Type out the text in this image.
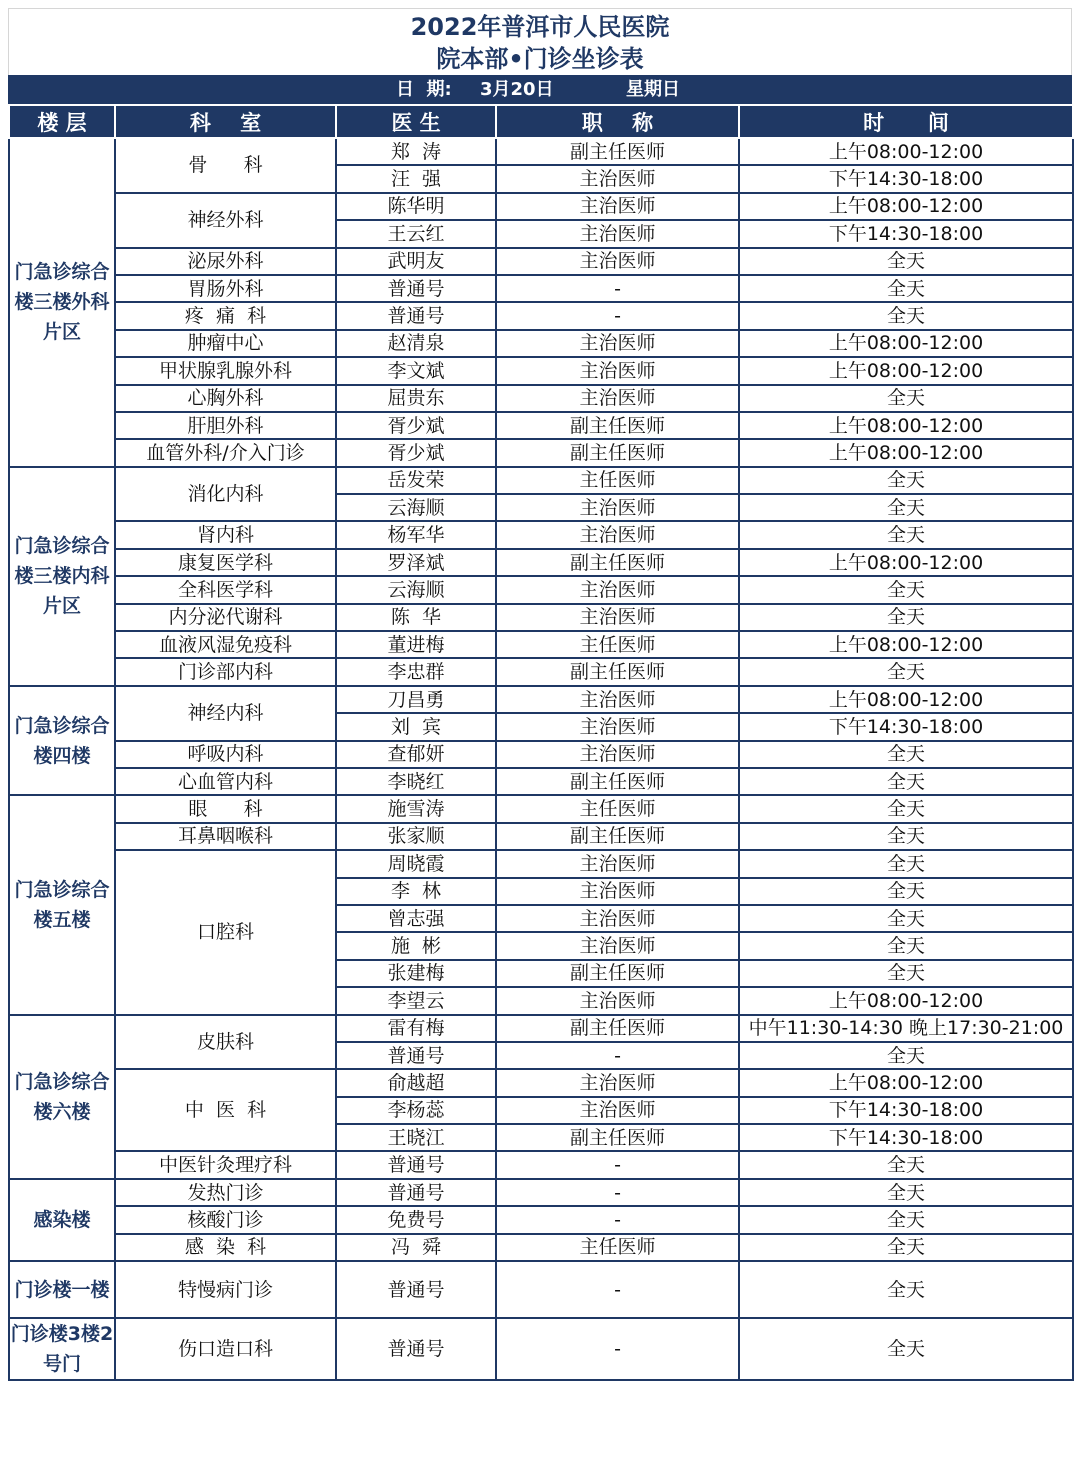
2022年普洱市人民医院
院本部•门诊坐诊表
日  期: 3月20日	星期日
楼 层	科    室	医 生	职    称	时      间
门急诊综合楼三楼外科片区	骨      科	郑  涛	副主任医师	上午08:00-12:00
		汪  强	主治医师	下午14:30-18:00
	神经外科	陈华明	主治医师	上午08:00-12:00
		王云红	主治医师	下午14:30-18:00
	泌尿外科	武明友	主治医师	全天
	胃肠外科	普通号	-	全天
	疼  痛  科	普通号	-	全天
	肿瘤中心	赵清泉	主治医师	上午08:00-12:00
	甲状腺乳腺外科	李文斌	主治医师	上午08:00-12:00
	心胸外科	屈贵东	主治医师	全天
	肝胆外科	胥少斌	副主任医师	上午08:00-12:00
	血管外科/介入门诊	胥少斌	副主任医师	上午08:00-12:00
门急诊综合楼三楼内科片区	消化内科	岳发荣	主任医师	全天
		云海顺	主治医师	全天
	肾内科	杨军华	主治医师	全天
	康复医学科	罗泽斌	副主任医师	上午08:00-12:00
	全科医学科	云海顺	主治医师	全天
	内分泌代谢科	陈  华	主治医师	全天
	血液风湿免疫科	董进梅	主任医师	上午08:00-12:00
	门诊部内科	李忠群	副主任医师	全天
门急诊综合楼四楼	神经内科	刀昌勇	主治医师	上午08:00-12:00
		刘  宾	主治医师	下午14:30-18:00
	呼吸内科	查郁妍	主治医师	全天
	心血管内科	李晓红	副主任医师	全天
门急诊综合楼五楼	眼      科	施雪涛	主任医师	全天
	耳鼻咽喉科	张家顺	副主任医师	全天
	口腔科	周晓霞	主治医师	全天
		李  林	主治医师	全天
		曾志强	主治医师	全天
		施  彬	主治医师	全天
		张建梅	副主任医师	全天
		李望云	主治医师	上午08:00-12:00
门急诊综合楼六楼	皮肤科	雷有梅	副主任医师	中午11:30-14:30 晚上17:30-21:00
		普通号	-	全天
	中  医  科	俞越超	主治医师	上午08:00-12:00
		李杨蕊	主治医师	下午14:30-18:00
		王晓江	副主任医师	下午14:30-18:00
	中医针灸理疗科	普通号	-	全天
感染楼	发热门诊	普通号	-	全天
	核酸门诊	免费号	-	全天
	感  染  科	冯  舜	主任医师	全天
门诊楼一楼	特慢病门诊	普通号	-	全天
门诊楼3楼2号门	伤口造口科	普通号	-	全天
